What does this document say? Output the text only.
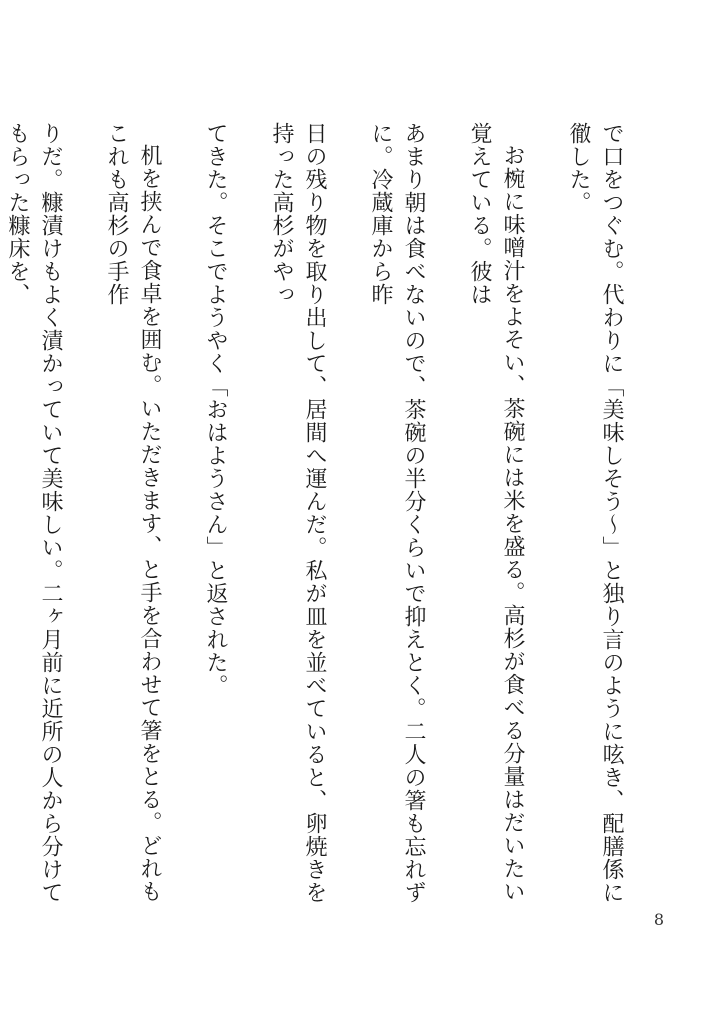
で口をつぐむ。代わりに「美味しそう〜」と独り言のように呟き、配膳係に徹した。

お椀に味噌汁をよそい、茶碗には米を盛る。高杉が食べる分量はだいたい覚えている。彼は

あまり朝は食べないので、茶碗の半分くらいで抑えとく。二人の箸も忘れずに。冷蔵庫から昨

日の残り物を取り出して、居間へ運んだ。私が皿を並べていると、卵焼きを持った高杉がやっ

てきた。そこでようやく「おはようさん」と返された。

机を挟んで食卓を囲む。いただきます、と手を合わせて箸をとる。どれもこれも高杉の手作

りだ。糠漬けもよく漬かっていて美味しい。二ヶ月前に近所の人から分けてもらった糠床を、

8
